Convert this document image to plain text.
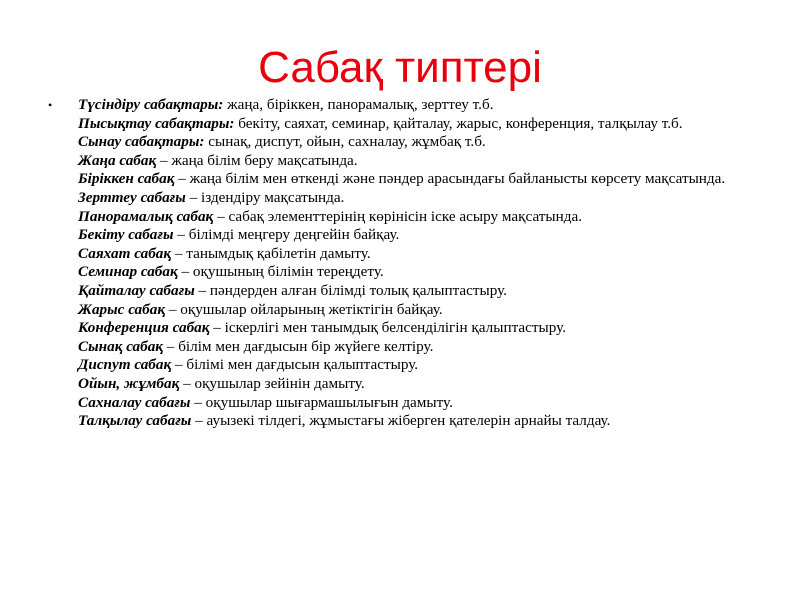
Сабақ типтері
•	Түсіндіру сабақтары: жаңа, біріккен, панорамалық, зерттеу т.б.
Пысықтау сабақтары: бекіту, саяхат, семинар, қайталау, жарыс, конференция, талқылау т.б.
Сынау сабақтары: сынақ, диспут, ойын, сахналау, жұмбақ т.б.
Жаңа сабақ – жаңа білім беру мақсатында.
Біріккен сабақ – жаңа білім мен өткенді және пәндер арасындағы байланысты көрсету мақсатында.
Зерттеу сабағы – іздендіру мақсатында.
Панорамалық сабақ – сабақ элементтерінің көрінісін іске асыру мақсатында.
Бекіту сабағы – білімді меңгеру деңгейін байқау.
Саяхат сабақ – танымдық қабілетін дамыту.
Семинар сабақ – оқушының білімін тереңдету.
Қайталау сабағы – пәндерден алған білімді толық қалыптастыру.
Жарыс сабақ – оқушылар ойларының жетіктігін байқау.
Конференция сабақ – іскерлігі мен танымдық белсенділігін қалыптастыру.
Сынақ сабақ – білім мен дағдысын бір жүйеге келтіру.
Диспут сабақ – білімі мен дағдысын қалыптастыру.
Ойын, жұмбақ – оқушылар зейінін дамыту.
Сахналау сабағы – оқушылар шығармашылығын дамыту.
Талқылау сабағы – ауызекі тілдегі, жұмыстағы жіберген қателерін арнайы талдау.
